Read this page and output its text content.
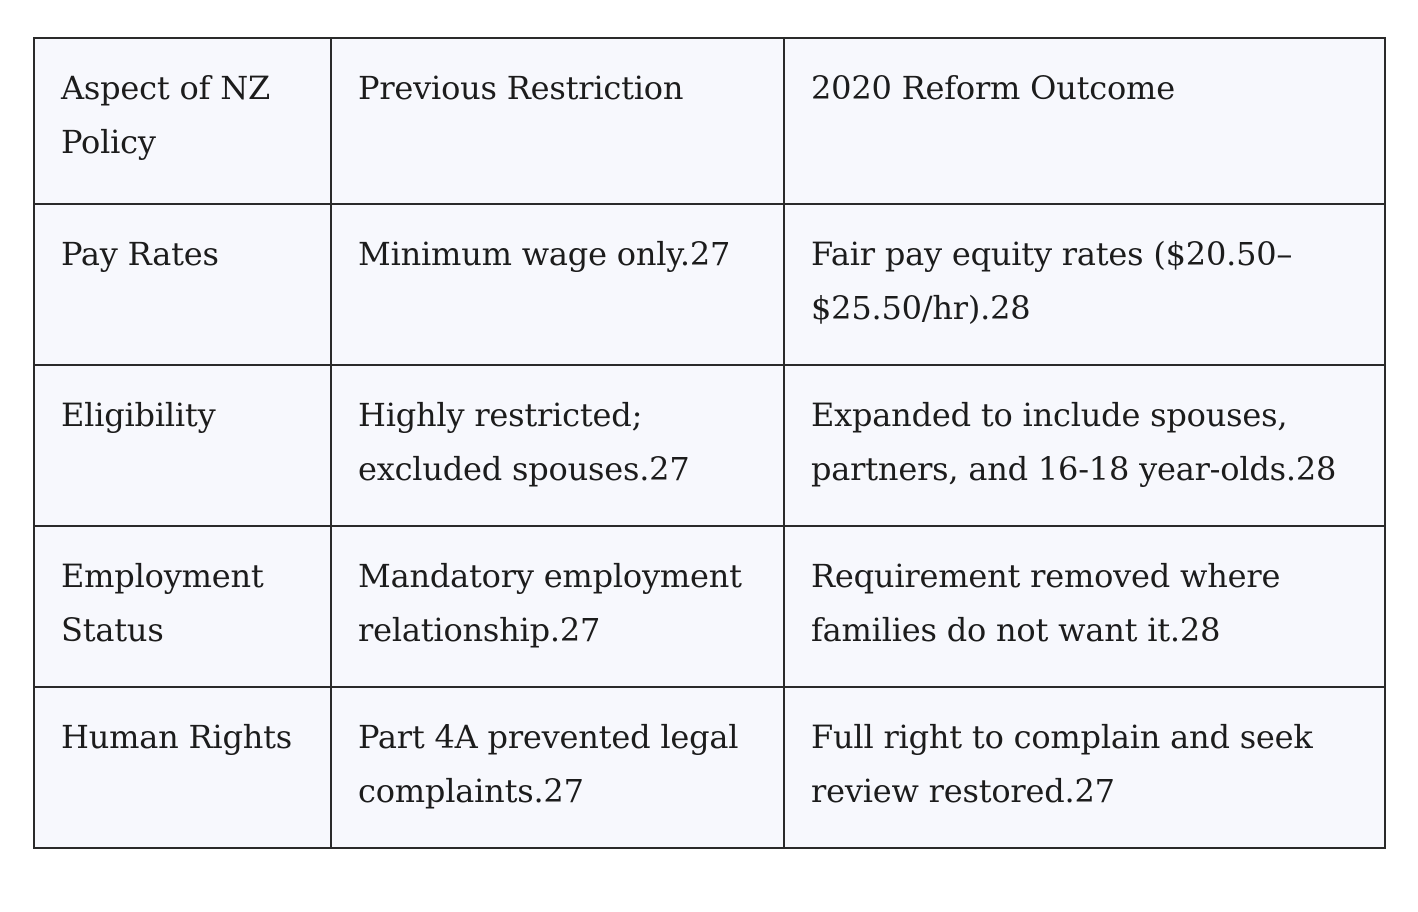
Aspect of NZ Policy	Previous Restriction	2020 Reform Outcome
Pay Rates	Minimum wage only.27	Fair pay equity rates ($20.50–$25.50/hr).28
Eligibility	Highly restricted; excluded spouses.27	Expanded to include spouses, partners, and 16-18 year-olds.28
Employment Status	Mandatory employment relationship.27	Requirement removed where families do not want it.28
Human Rights	Part 4A prevented legal complaints.27	Full right to complain and seek review restored.27
